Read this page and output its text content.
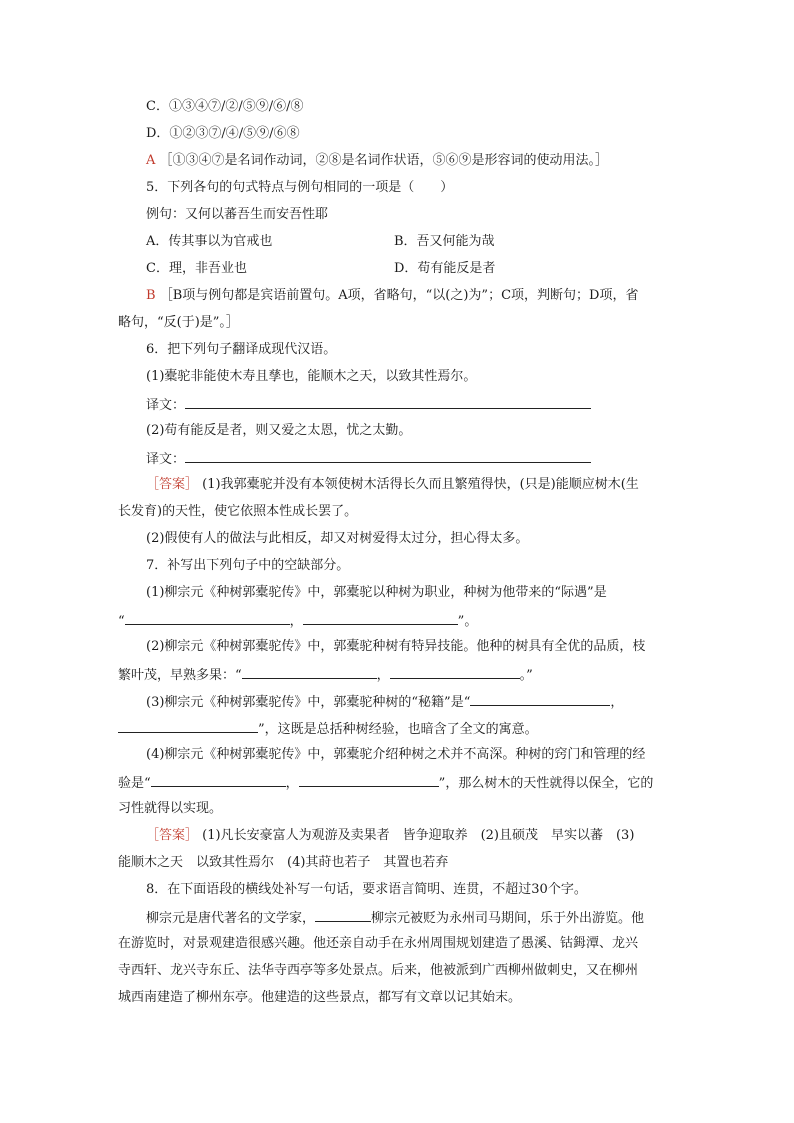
C．①③④⑦/②/⑤⑨/⑥/⑧
D．①②③⑦/④/⑤⑨/⑥⑧
A ［①③④⑦是名词作动词，②⑧是名词作状语，⑤⑥⑨是形容词的使动用法。］
5．下列各句的句式特点与例句相同的一项是（　　）
例句：又何以蕃吾生而安吾性耶
A．传其事以为官戒也	B．吾又何能为哉
C．理，非吾业也	D．苟有能反是者
B ［B项与例句都是宾语前置句。A项，省略句，“以(之)为”；C项，判断句；D项，省
略句，“反(于)是”。］
6．把下列句子翻译成现代汉语。
(1)橐驼非能使木寿且孳也，能顺木之天，以致其性焉尔。
译文：
(2)苟有能反是者，则又爱之太恩，忧之太勤。
译文：
［答案］ (1)我郭橐驼并没有本领使树木活得长久而且繁殖得快，(只是)能顺应树木(生
长发育)的天性，使它依照本性成长罢了。
(2)假使有人的做法与此相反，却又对树爱得太过分，担心得太多。
7．补写出下列句子中的空缺部分。
(1)柳宗元《种树郭橐驼传》中，郭橐驼以种树为职业，种树为他带来的“际遇”是
“	，	”。
(2)柳宗元《种树郭橐驼传》中，郭橐驼种树有特异技能。他种的树具有全优的品质，枝
繁叶茂，早熟多果：“	，	。”
(3)柳宗元《种树郭橐驼传》中，郭橐驼种树的“秘籍”是“	，
”，这既是总括种树经验，也暗含了全文的寓意。
(4)柳宗元《种树郭橐驼传》中，郭橐驼介绍种树之术并不高深。种树的窍门和管理的经
验是“	，	”，那么树木的天性就得以保全，它的
习性就得以实现。
［答案］ (1)凡长安豪富人为观游及卖果者　皆争迎取养　(2)且硕茂　早实以蕃　(3)
能顺木之天　以致其性焉尔　(4)其莳也若子　其置也若弃
8．在下面语段的横线处补写一句话，要求语言简明、连贯，不超过30个字。
柳宗元是唐代著名的文学家，	柳宗元被贬为永州司马期间，乐于外出游览。他
在游览时，对景观建造很感兴趣。他还亲自动手在永州周围规划建造了愚溪、钴鉧潭、龙兴
寺西轩、龙兴寺东丘、法华寺西亭等多处景点。后来，他被派到广西柳州做刺史，又在柳州
城西南建造了柳州东亭。他建造的这些景点，都写有文章以记其始末。
